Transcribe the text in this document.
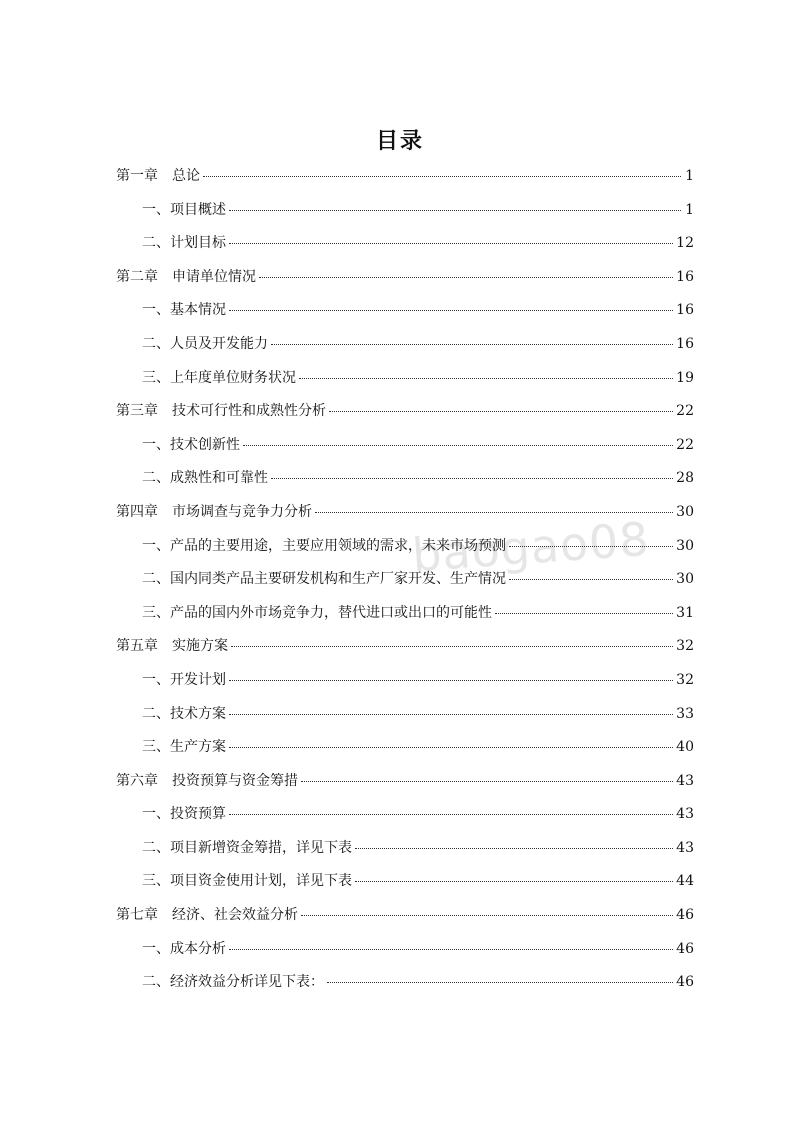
baogao08
目录
第一章 总论	1
一、项目概述	1
二、计划目标	12
第二章 申请单位情况	16
一、基本情况	16
二、人员及开发能力	16
三、上年度单位财务状况	19
第三章 技术可行性和成熟性分析	22
一、技术创新性	22
二、成熟性和可靠性	28
第四章 市场调查与竞争力分析	30
一、产品的主要用途，主要应用领域的需求，未来市场预测	30
二、国内同类产品主要研发机构和生产厂家开发、生产情况	30
三、产品的国内外市场竞争力，替代进口或出口的可能性	31
第五章 实施方案	32
一、开发计划	32
二、技术方案	33
三、生产方案	40
第六章 投资预算与资金筹措	43
一、投资预算	43
二、项目新增资金筹措，详见下表	43
三、项目资金使用计划，详见下表	44
第七章 经济、社会效益分析	46
一、成本分析	46
二、经济效益分析详见下表：	46
